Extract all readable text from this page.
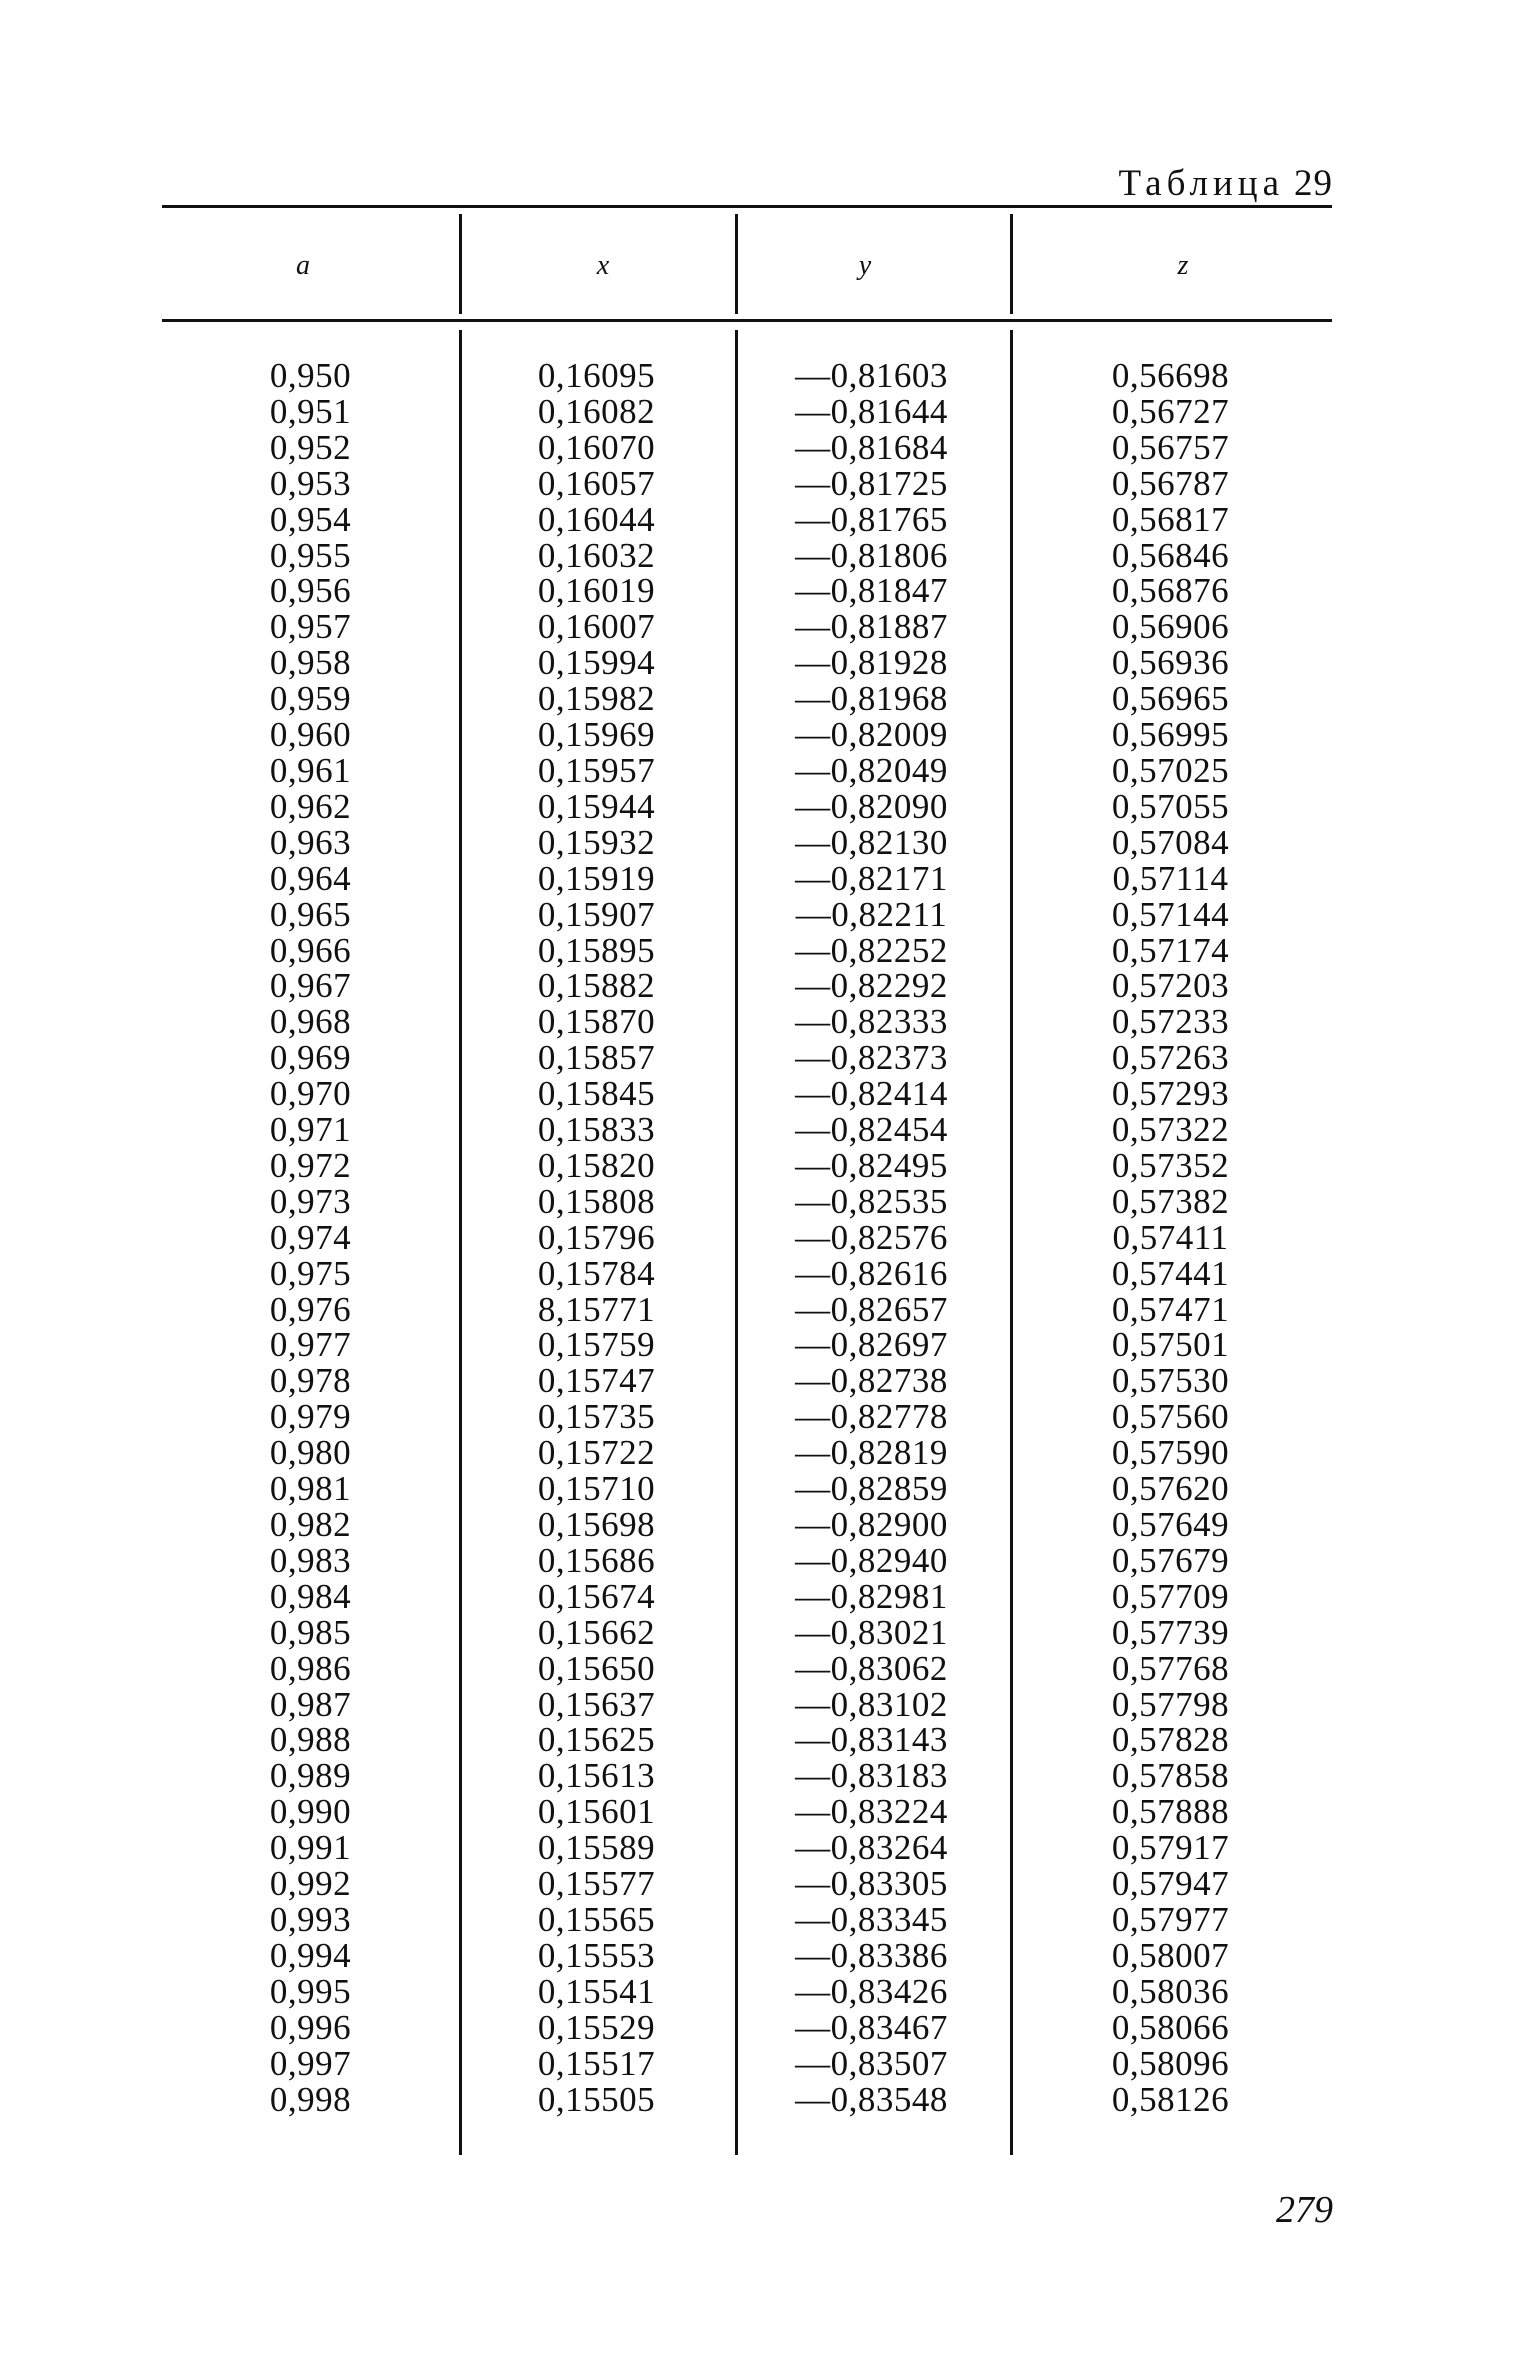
Таблица 29
a	x	y	z
0,950	0,16095	—0,81603	0,56698
0,951	0,16082	—0,81644	0,56727
0,952	0,16070	—0,81684	0,56757
0,953	0,16057	—0,81725	0,56787
0,954	0,16044	—0,81765	0,56817
0,955	0,16032	—0,81806	0,56846
0,956	0,16019	—0,81847	0,56876
0,957	0,16007	—0,81887	0,56906
0,958	0,15994	—0,81928	0,56936
0,959	0,15982	—0,81968	0,56965
0,960	0,15969	—0,82009	0,56995
0,961	0,15957	—0,82049	0,57025
0,962	0,15944	—0,82090	0,57055
0,963	0,15932	—0,82130	0,57084
0,964	0,15919	—0,82171	0,57114
0,965	0,15907	—0,82211	0,57144
0,966	0,15895	—0,82252	0,57174
0,967	0,15882	—0,82292	0,57203
0,968	0,15870	—0,82333	0,57233
0,969	0,15857	—0,82373	0,57263
0,970	0,15845	—0,82414	0,57293
0,971	0,15833	—0,82454	0,57322
0,972	0,15820	—0,82495	0,57352
0,973	0,15808	—0,82535	0,57382
0,974	0,15796	—0,82576	0,57411
0,975	0,15784	—0,82616	0,57441
0,976	8,15771	—0,82657	0,57471
0,977	0,15759	—0,82697	0,57501
0,978	0,15747	—0,82738	0,57530
0,979	0,15735	—0,82778	0,57560
0,980	0,15722	—0,82819	0,57590
0,981	0,15710	—0,82859	0,57620
0,982	0,15698	—0,82900	0,57649
0,983	0,15686	—0,82940	0,57679
0,984	0,15674	—0,82981	0,57709
0,985	0,15662	—0,83021	0,57739
0,986	0,15650	—0,83062	0,57768
0,987	0,15637	—0,83102	0,57798
0,988	0,15625	—0,83143	0,57828
0,989	0,15613	—0,83183	0,57858
0,990	0,15601	—0,83224	0,57888
0,991	0,15589	—0,83264	0,57917
0,992	0,15577	—0,83305	0,57947
0,993	0,15565	—0,83345	0,57977
0,994	0,15553	—0,83386	0,58007
0,995	0,15541	—0,83426	0,58036
0,996	0,15529	—0,83467	0,58066
0,997	0,15517	—0,83507	0,58096
0,998	0,15505	—0,83548	0,58126
279
